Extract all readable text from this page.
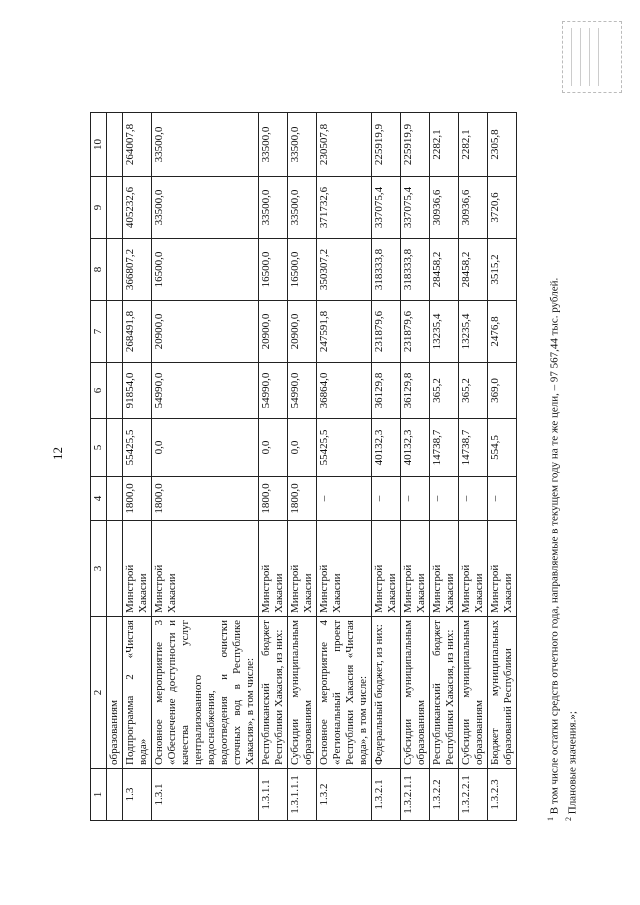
12
1	2	3	4	5	6	7	8	9	10
	образованиям								
1.3	Подпрограмма 2 «Чистая вода»	Минстрой Хакасии	1800,0	55425,5	91854,0	268491,8	366807,2	405232,6	264007,8
1.3.1	Основное мероприятие 3 «Обеспечение доступности и качества услуг централизованного водоснабжения, водоотведения и очистки сточных вод в Республике Хакасия», в том числе:	Минстрой Хакасии	1800,0	0,0	54990,0	20900,0	16500,0	33500,0	33500,0
1.3.1.1	Республиканский бюджет Республики Хакасия, из них:	Минстрой Хакасии	1800,0	0,0	54990,0	20900,0	16500,0	33500,0	33500,0
1.3.1.1.1	Субсидии муниципальным образованиям	Минстрой Хакасии	1800,0	0,0	54990,0	20900,0	16500,0	33500,0	33500,0
1.3.2	Основное мероприятие 4 «Региональный проект Республики Хакасия «Чистая вода», в том числе:	Минстрой Хакасии	–	55425,5	36864,0	247591,8	350307,2	371732,6	230507,8
1.3.2.1	Федеральный бюджет, из них:	Минстрой Хакасии	–	40132,3	36129,8	231879,6	318333,8	337075,4	225919,9
1.3.2.1.1	Субсидии муниципальным образованиям	Минстрой Хакасии	–	40132,3	36129,8	231879,6	318333,8	337075,4	225919,9
1.3.2.2	Республиканский бюджет Республики Хакасия, из них:	Минстрой Хакасии	–	14738,7	365,2	13235,4	28458,2	30936,6	2282,1
1.3.2.2.1	Субсидии муниципальным образованиям	Минстрой Хакасии	–	14738,7	365,2	13235,4	28458,2	30936,6	2282,1
1.3.2.3	Бюджет муниципальных образований Республики	Минстрой Хакасии	–	554,5	369,0	2476,8	3515,2	3720,6	2305,8
$^1$ В том числе остатки средств отчетного года, направляемые в текущем году на те же цели, – 97 567,44 тыс. рублей.
$^2$ Плановые значения.»;
